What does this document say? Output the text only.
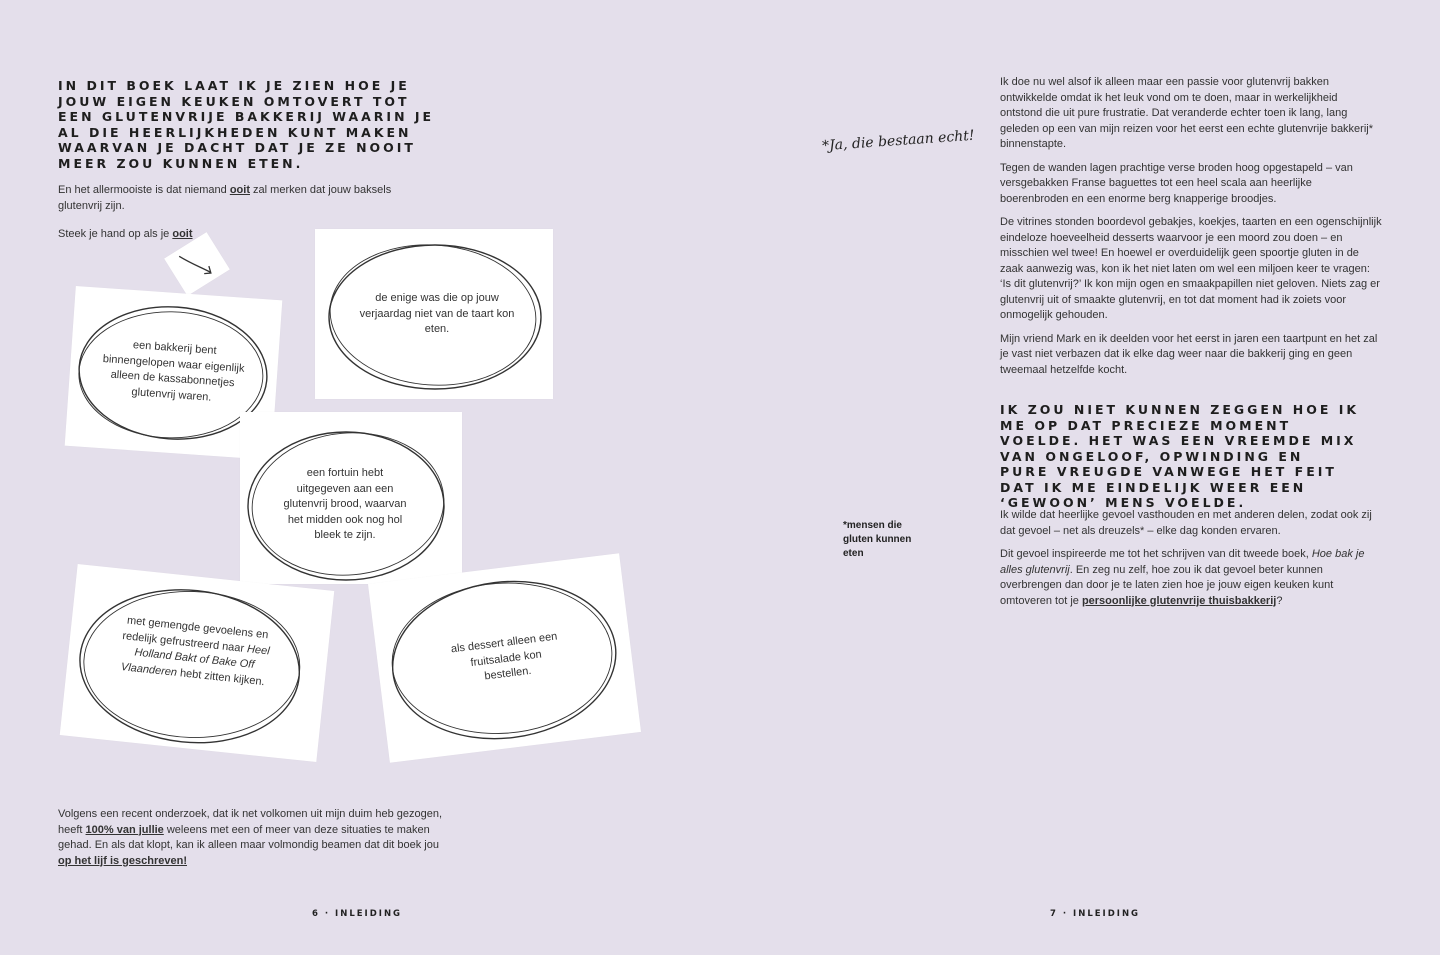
IN DIT BOEK LAAT IK JE ZIEN HOE JE JOUW EIGEN KEUKEN OMTOVERT TOT EEN GLUTENVRIJE BAKKERIJ WAARIN JE AL DIE HEERLIJKHEDEN KUNT MAKEN WAARVAN JE DACHT DAT JE ZE NOOIT MEER ZOU KUNNEN ETEN.
En het allermooiste is dat niemand ooit zal merken dat jouw baksels glutenvrij zijn.
Steek je hand op als je ooit
een bakkerij bent binnengelopen waar eigenlijk alleen de kassabonnetjes glutenvrij waren.
de enige was die op jouw verjaardag niet van de taart kon eten.
een fortuin hebt uitgegeven aan een glutenvrij brood, waarvan het midden ook nog hol bleek te zijn.
met gemengde gevoelens en redelijk gefrustreerd naar Heel Holland Bakt of Bake Off Vlaanderen hebt zitten kijken.
als dessert alleen een fruitsalade kon bestellen.
Volgens een recent onderzoek, dat ik net volkomen uit mijn duim heb gezogen, heeft 100% van jullie weleens met een of meer van deze situaties te maken gehad. En als dat klopt, kan ik alleen maar volmondig beamen dat dit boek jou op het lijf is geschreven!
6 · INLEIDING
*Ja, die bestaan echt!
*mensen die gluten kunnen eten

Ik doe nu wel alsof ik alleen maar een passie voor glutenvrij bakken ontwikkelde omdat ik het leuk vond om te doen, maar in werkelijkheid ontstond die uit pure frustratie. Dat veranderde echter toen ik lang, lang geleden op een van mijn reizen voor het eerst een echte glutenvrije bakkerij* binnenstapte.

Tegen de wanden lagen prachtige verse broden hoog opgestapeld – van versgebakken Franse baguettes tot een heel scala aan heerlijke boerenbroden en een enorme berg knapperige broodjes.

De vitrines stonden boordevol gebakjes, koekjes, taarten en een ogenschijnlijk eindeloze hoeveelheid desserts waarvoor je een moord zou doen – en misschien wel twee! En hoewel er overduidelijk geen spoortje gluten in de zaak aanwezig was, kon ik het niet laten om wel een miljoen keer te vragen: ‘Is dit glutenvrij?’ Ik kon mijn ogen en smaakpapillen niet geloven. Niets zag er glutenvrij uit of smaakte glutenvrij, en tot dat moment had ik zoiets voor onmogelijk gehouden.

Mijn vriend Mark en ik deelden voor het eerst in jaren een taartpunt en het zal je vast niet verbazen dat ik elke dag weer naar die bakkerij ging en geen tweemaal hetzelfde kocht.

IK ZOU NIET KUNNEN ZEGGEN HOE IK ME OP DAT PRECIEZE MOMENT VOELDE. HET WAS EEN VREEMDE MIX VAN ONGELOOF, OPWINDING EN PURE VREUGDE VANWEGE HET FEIT DAT IK ME EINDELIJK WEER EEN ‘GEWOON’ MENS VOELDE.

Ik wilde dat heerlijke gevoel vasthouden en met anderen delen, zodat ook zij dat gevoel – net als dreuzels* – elke dag konden ervaren.

Dit gevoel inspireerde me tot het schrijven van dit tweede boek, Hoe bak je alles glutenvrij. En zeg nu zelf, hoe zou ik dat gevoel beter kunnen overbrengen dan door je te laten zien hoe je jouw eigen keuken kunt omtoveren tot je persoonlijke glutenvrije thuisbakkerij?

7 · INLEIDING
